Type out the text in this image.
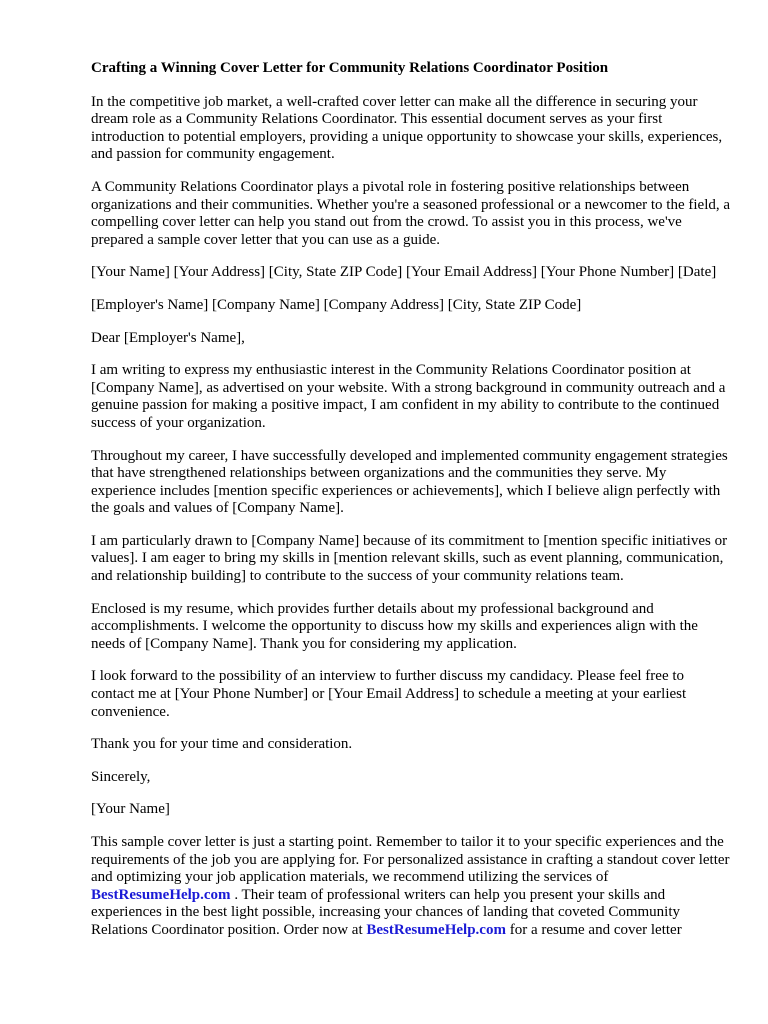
Crafting a Winning Cover Letter for Community Relations Coordinator Position

In the competitive job market, a well-crafted cover letter can make all the difference in securing your dream role as a Community Relations Coordinator. This essential document serves as your first introduction to potential employers, providing a unique opportunity to showcase your skills, experiences, and passion for community engagement.

A Community Relations Coordinator plays a pivotal role in fostering positive relationships between organizations and their communities. Whether you're a seasoned professional or a newcomer to the field, a compelling cover letter can help you stand out from the crowd. To assist you in this process, we've prepared a sample cover letter that you can use as a guide.

[Your Name] [Your Address] [City, State ZIP Code] [Your Email Address] [Your Phone Number] [Date]

[Employer's Name] [Company Name] [Company Address] [City, State ZIP Code]

Dear [Employer's Name],

I am writing to express my enthusiastic interest in the Community Relations Coordinator position at [Company Name], as advertised on your website. With a strong background in community outreach and a genuine passion for making a positive impact, I am confident in my ability to contribute to the continued success of your organization.

Throughout my career, I have successfully developed and implemented community engagement strategies that have strengthened relationships between organizations and the communities they serve. My experience includes [mention specific experiences or achievements], which I believe align perfectly with the goals and values of [Company Name].

I am particularly drawn to [Company Name] because of its commitment to [mention specific initiatives or values]. I am eager to bring my skills in [mention relevant skills, such as event planning, communication, and relationship building] to contribute to the success of your community relations team.

Enclosed is my resume, which provides further details about my professional background and accomplishments. I welcome the opportunity to discuss how my skills and experiences align with the needs of [Company Name]. Thank you for considering my application.

I look forward to the possibility of an interview to further discuss my candidacy. Please feel free to contact me at [Your Phone Number] or [Your Email Address] to schedule a meeting at your earliest convenience.

Thank you for your time and consideration.

Sincerely,

[Your Name]

This sample cover letter is just a starting point. Remember to tailor it to your specific experiences and the requirements of the job you are applying for. For personalized assistance in crafting a standout cover letter and optimizing your job application materials, we recommend utilizing the services of BestResumeHelp.com . Their team of professional writers can help you present your skills and experiences in the best light possible, increasing your chances of landing that coveted Community Relations Coordinator position. Order now at BestResumeHelp.com for a resume and cover letter
